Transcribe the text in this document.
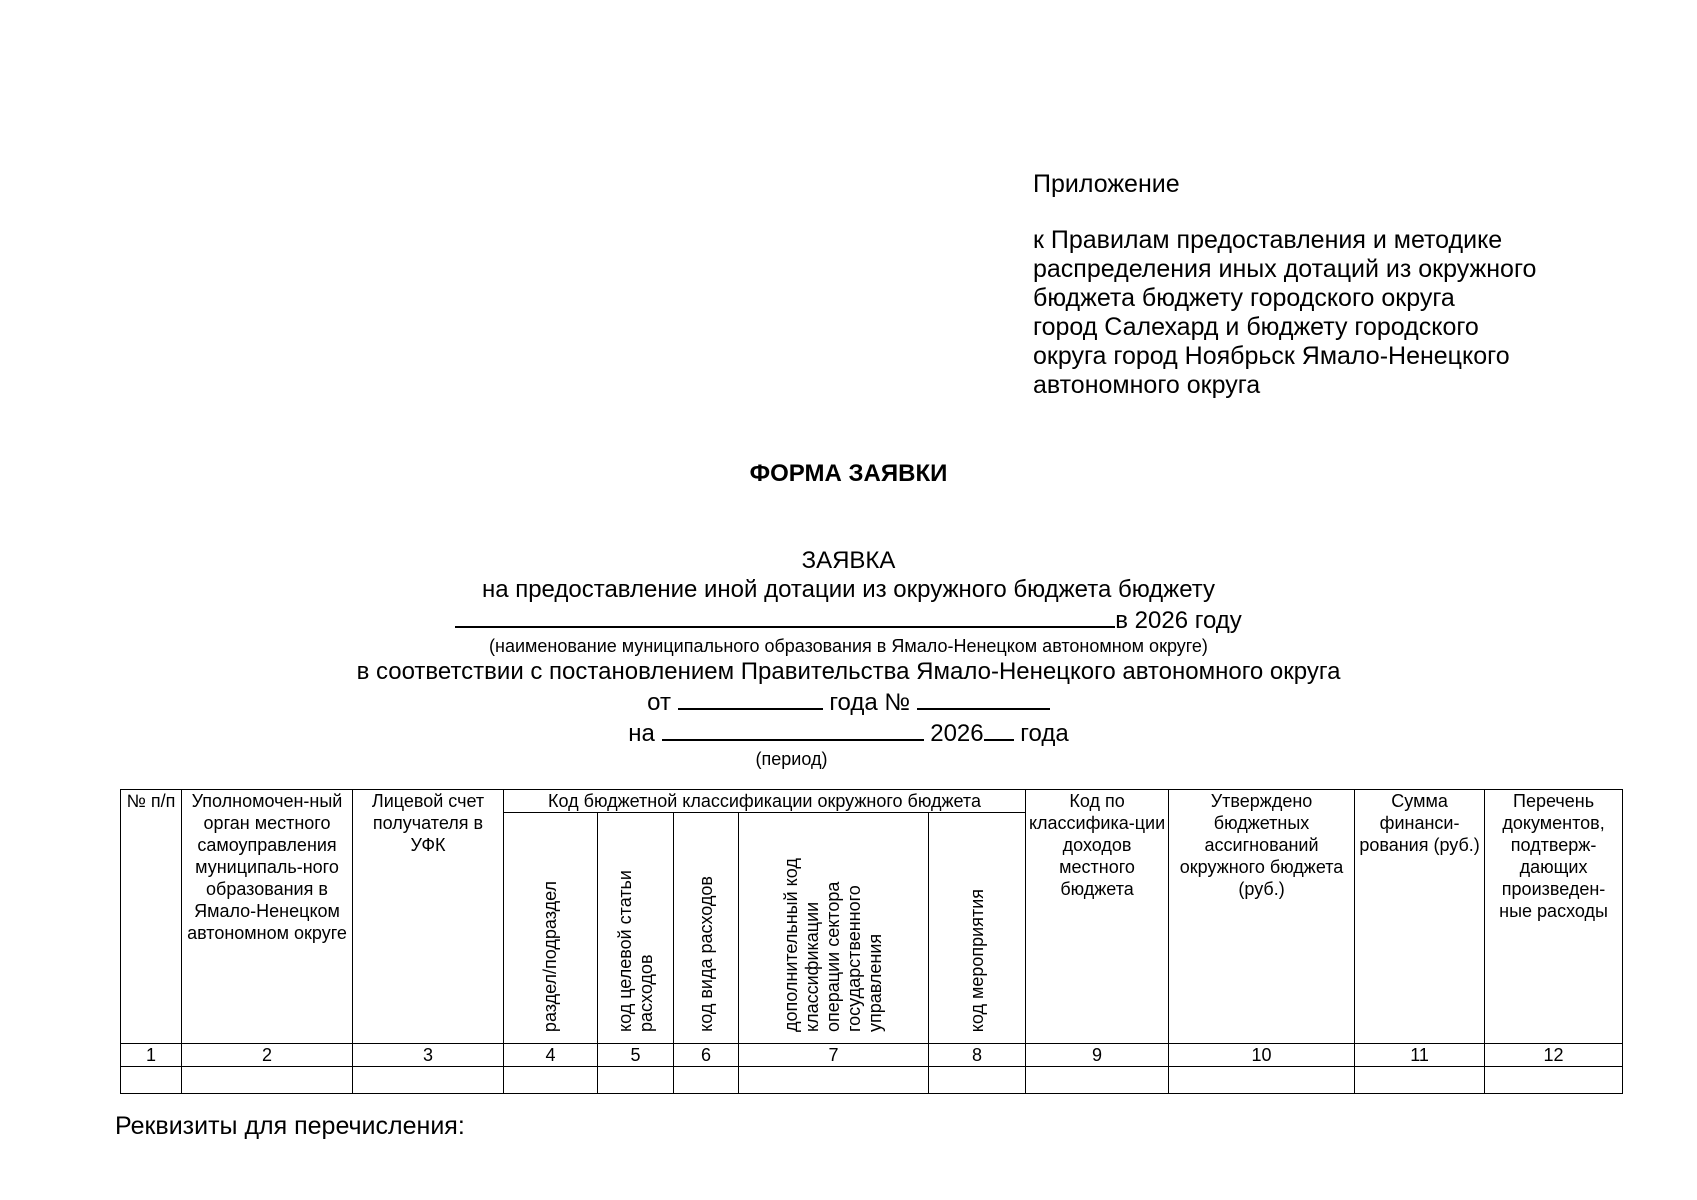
Приложение
к Правилам предоставления и методике
распределения иных дотаций из окружного
бюджета бюджету городского округа
город Салехард и бюджету городского
округа город Ноябрьск Ямало-Ненецкого
автономного округа
ФОРМА ЗАЯВКИ
ЗАЯВКА
на предоставление иной дотации из окружного бюджета бюджету
в 2026 году
(наименование муниципального образования в Ямало-Ненецком автономном округе)
в соответствии с постановлением Правительства Ямало-Ненецкого автономного округа
от	года №
на	2026 года
(период)
№ п/п	Уполномочен-ный орган местного самоуправления муниципаль-ного образования в Ямало-Ненецком автономном округе	Лицевой счет получателя в УФК	Код бюджетной классификации окружного бюджета					Код по классифика-ции доходов местного бюджета	Утверждено бюджетных ассигнований окружного бюджета (руб.)	Сумма финанси-рования (руб.)	Перечень документов, подтверж-дающих произведен-ные расходы
			раздел/подраздел	код целевой статьи расходов	код вида расходов	дополнительный код классификации операции сектора государственного управления	код мероприятия				
1	2	3	4	5	6	7	8	9	10	11	12

Реквизиты для перечисления:
